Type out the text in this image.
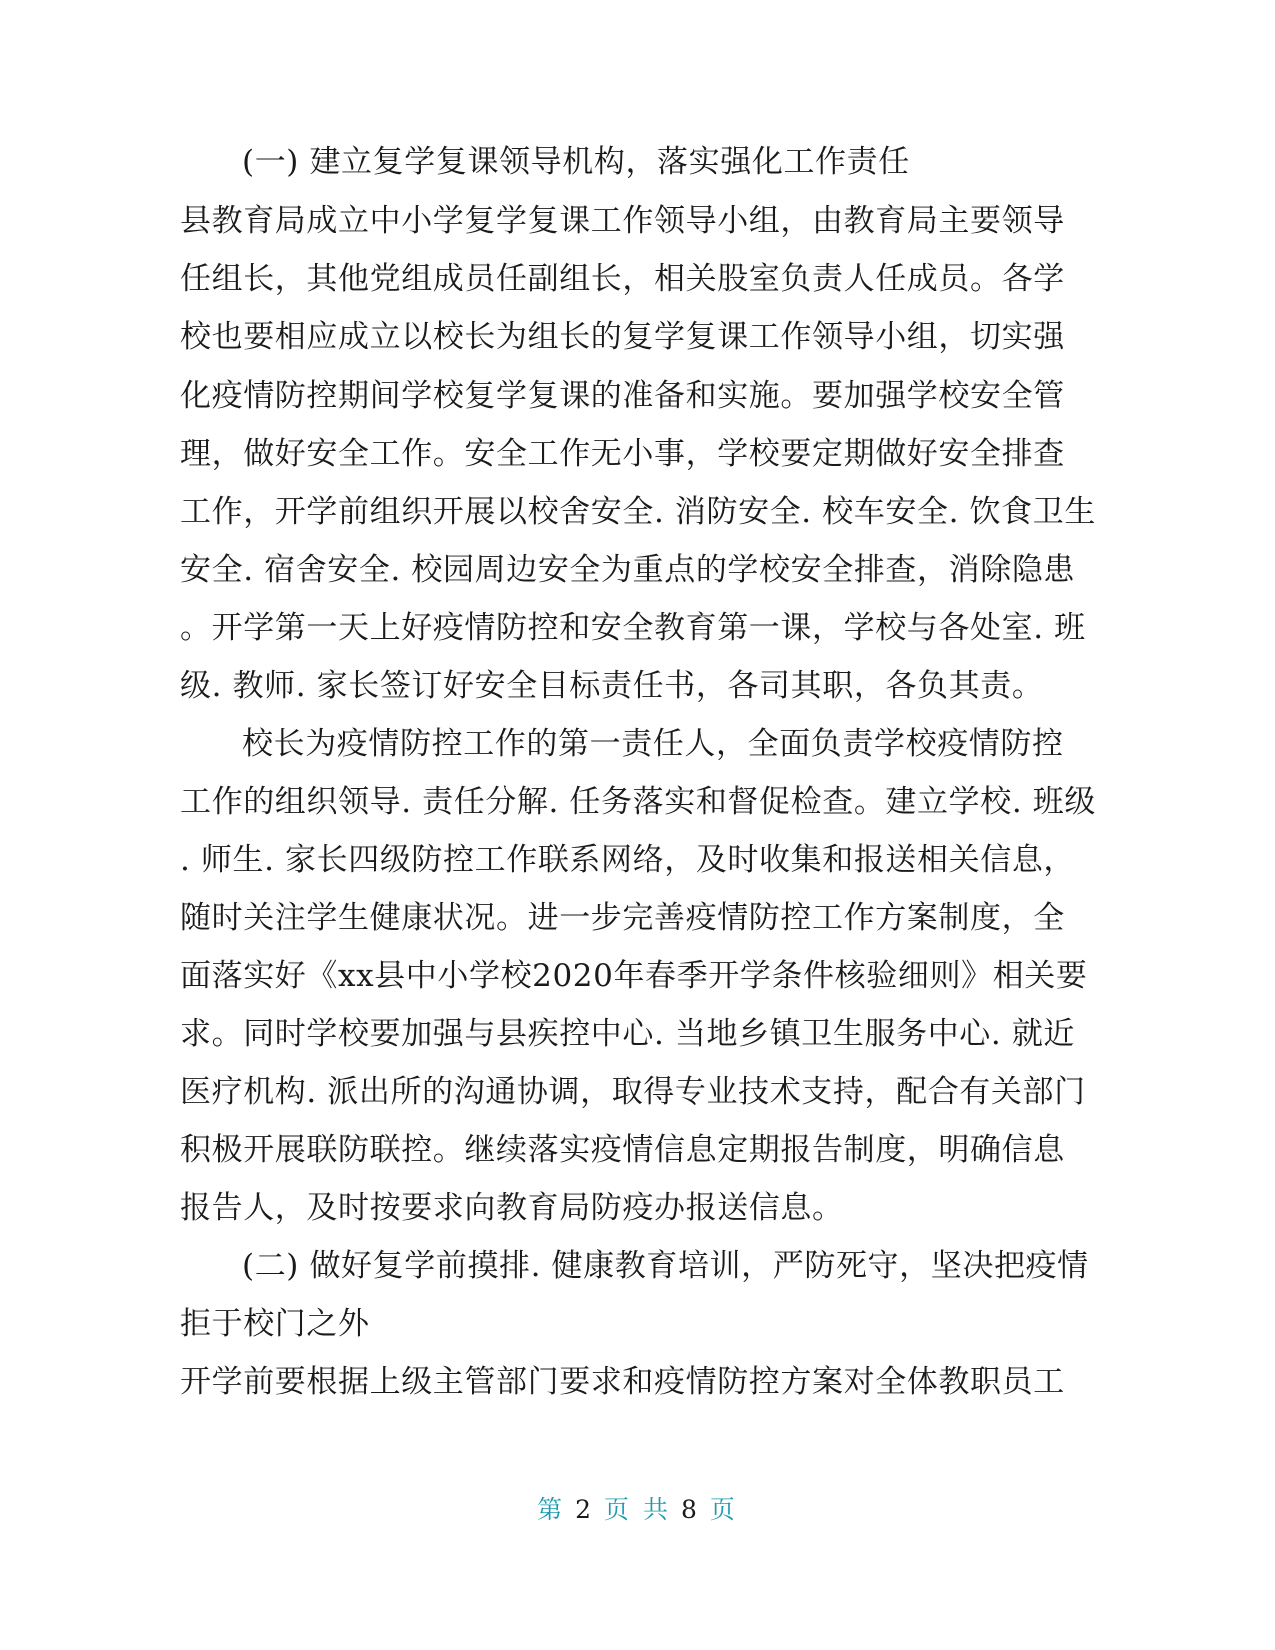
(一) 建立复学复课领导机构，落实强化工作责任
县教育局成立中小学复学复课工作领导小组，由教育局主要领导
任组长，其他党组成员任副组长，相关股室负责人任成员。各学
校也要相应成立以校长为组长的复学复课工作领导小组，切实强
化疫情防控期间学校复学复课的准备和实施。要加强学校安全管
理，做好安全工作。安全工作无小事，学校要定期做好安全排查
工作，开学前组织开展以校舍安全. 消防安全. 校车安全. 饮食卫生
安全. 宿舍安全. 校园周边安全为重点的学校安全排查，消除隐患
。开学第一天上好疫情防控和安全教育第一课，学校与各处室. 班
级. 教师. 家长签订好安全目标责任书，各司其职，各负其责。
校长为疫情防控工作的第一责任人，全面负责学校疫情防控
工作的组织领导. 责任分解. 任务落实和督促检查。建立学校. 班级
. 师生. 家长四级防控工作联系网络，及时收集和报送相关信息，
随时关注学生健康状况。进一步完善疫情防控工作方案制度，全
面落实好《xx县中小学校2020年春季开学条件核验细则》相关要
求。同时学校要加强与县疾控中心. 当地乡镇卫生服务中心. 就近
医疗机构. 派出所的沟通协调，取得专业技术支持，配合有关部门
积极开展联防联控。继续落实疫情信息定期报告制度，明确信息
报告人，及时按要求向教育局防疫办报送信息。
(二) 做好复学前摸排. 健康教育培训，严防死守，坚决把疫情
拒于校门之外
开学前要根据上级主管部门要求和疫情防控方案对全体教职员工
第 2 页 共 8 页
